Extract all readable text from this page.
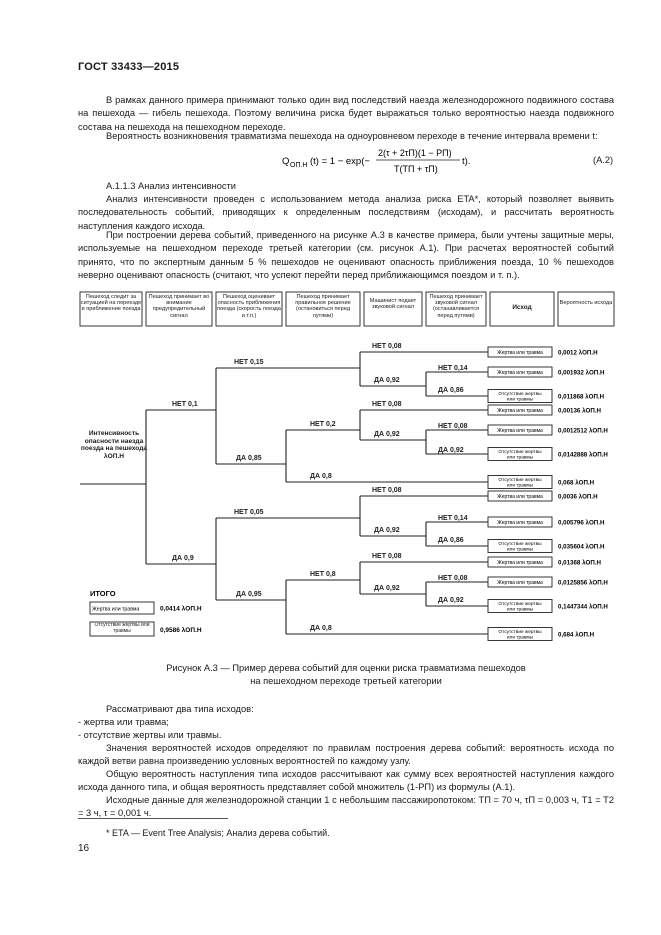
ГОСТ 33433—2015
В рамках данного примера принимают только один вид последствий наезда железнодорожного подвижного состава на пешехода — гибель пешехода. Поэтому величина риска будет выражаться только вероятностью наезда подвижного состава на пешехода на пешеходном переходе.
Вероятность возникновения травматизма пешехода на одноуровневом переходе в течение интервала времени t:
Q ОП.Н (t) = 1 − exp(−
2(τ + 2τП)(1 − PП)
T(TП + τП)
t).	(А.2)
А.1.1.3 Анализ интенсивности
Анализ интенсивности проведен с использованием метода анализа риска ETA*, который позволяет выявить последовательность событий, приводящих к определенным последствиям (исходам), и рассчитать вероятность наступления каждого исхода.
При построении дерева событий, приведенного на рисунке А.3 в качестве примера, были учтены защитные меры, используемые на пешеходном переходе третьей категории (см. рисунок А.1). При расчетах вероятностей событий принято, что по экспертным данным 5 % пешеходов не оценивают опасность приближения поезда, 10 % пешеходов неверно оценивают опасность (считают, что успеют перейти перед приближающимся поездом и т. п.).
Пешеход следит за ситуацией на переезде и приближение поезда
Пешеход принимает во внимание предупредительный сигнал
Пешеход оценивает опасность приближения поезда (скорость поезда и т.п.)
Пешеход принимает правильное решение (остановиться перед путями)
Машинист подает звуковой сигнал
Пешеход принимает звуковой сигнал (останавливается перед путями)
Исход
Вероятность исхода
Интенсивность опасности наезда поезда на пешехода λОП.Н
НЕТ 0,1
ДА 0,9
НЕТ 0,15
ДА 0,85
НЕТ 0,05
ДА 0,95
НЕТ 0,2
ДА 0,8
НЕТ 0,8
ДА 0,8
НЕТ 0,08
ДА 0,92
НЕТ 0,08
ДА 0,92
НЕТ 0,08
ДА 0,92
НЕТ 0,08
ДА 0,92
НЕТ 0,14
ДА 0,86
НЕТ 0,08
ДА 0,92
НЕТ 0,14
ДА 0,86
НЕТ 0,08
ДА 0,92
Жертва или травма 0,0012 λОП.Н
Жертва или травма 0,001932 λОП.Н
Отсутствие жертвы
или травмы	0,011868 λОП.Н
Жертва или травма 0,00136 λОП.Н
Жертва или травма 0,0012512 λОП.Н
Отсутствие жертвы
или травмы	0,0142888 λОП.Н
Отсутствие жертвы
или травмы	0,068 λОП.Н
Жертва или травма 0,0036 λОП.Н
Жертва или травма 0,005796 λОП.Н
Отсутствие жертвы
или травмы	0,035604 λОП.Н
Жертва или травма 0,01368 λОП.Н
Жертва или травма 0,0125856 λОП.Н
Отсутствие жертвы
или травмы	0,1447344 λОП.Н
Отсутствие жертвы
или травмы	0,684 λОП.Н
ИТОГО
Жертва или травма	0,0414 λОП.Н
Отсутствие жертвы или травмы	0,9586 λОП.Н
Рисунок А.3 — Пример дерева событий для оценки риска травматизма пешеходов
на пешеходном переходе третьей категории
Рассматривают два типа исходов:
- жертва или травма;
- отсутствие жертвы или травмы.
Значения вероятностей исходов определяют по правилам построения дерева событий: вероятность исхода по каждой ветви равна произведению условных вероятностей по каждому узлу.
Общую вероятность наступления типа исходов рассчитывают как сумму всех вероятностей наступления каждого исхода данного типа, и общая вероятность представляет собой множитель (1-PП) из формулы (А.1).
Исходные данные для железнодорожной станции 1 с небольшим пассажиропотоком: TП = 70 ч, τП = 0,003 ч, T1 = T2 = 3 ч, τ = 0,001 ч.
* ETA — Event Tree Analysis; Анализ дерева событий.
16
